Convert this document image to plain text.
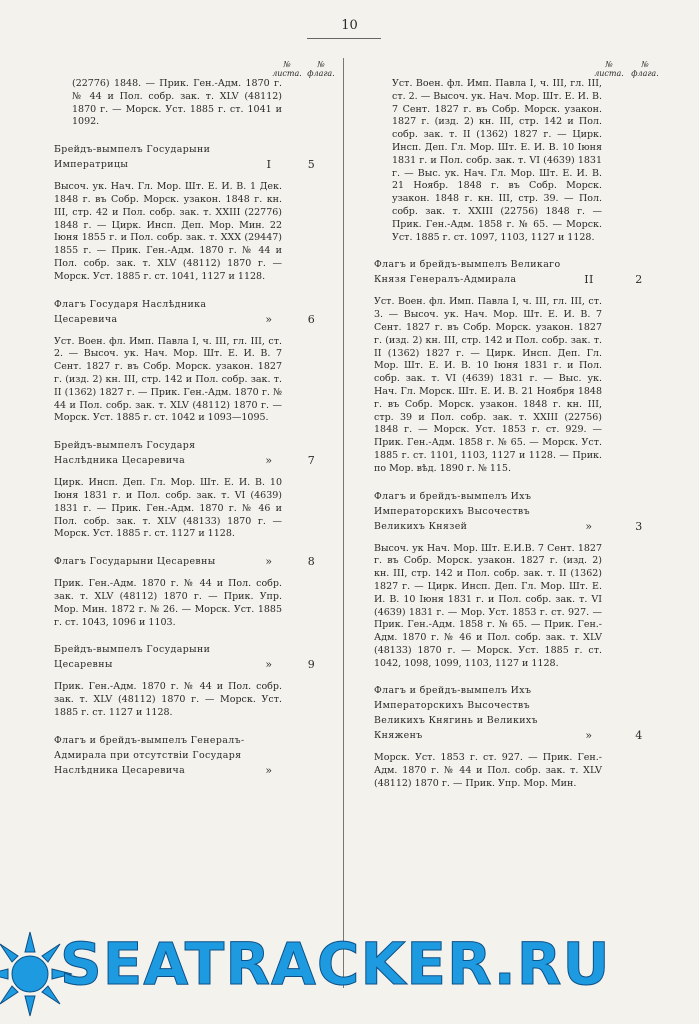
10
№ листа.
№ флага.
№ листа.
№ флага.
(22776) 1848. — Прик. Ген.-Адм. 1870 г. № 44 и Пол. собр. зак. т. XLV (48112) 1870 г. — Морск. Уст. 1885 г. ст. 1041 и 1092.
Брейдъ-вымпелъ Государыни Императрицы	I	5
Высоч. ук. Нач. Гл. Мор. Шт. Е. И. В. 1 Дек. 1848 г. въ Собр. Морск. узакон. 1848 г. кн. III, стр. 42 и Пол. собр. зак. т. XXIII (22776) 1848 г. — Цирк. Инсп. Деп. Мор. Мин. 22 Іюня 1855 г. и Пол. собр. зак. т. XXX (29447) 1855 г. — Прик. Ген.-Адм. 1870 г. № 44 и Пол. собр. зак. т. XLV (48112) 1870 г. — Морск. Уст. 1885 г. ст. 1041, 1127 и 1128.
Флагъ Государя Наслѣдника Цесаревича	»	6
Уст. Воен. фл. Имп. Павла I, ч. III, гл. III, ст. 2. — Высоч. ук. Нач. Мор. Шт. Е. И. В. 7 Сент. 1827 г. въ Собр. Морск. узакон. 1827 г. (изд. 2) кн. III, стр. 142 и Пол. собр. зак. т. II (1362) 1827 г. — Прик. Ген.-Адм. 1870 г. № 44 и Пол. собр. зак. т. XLV (48112) 1870 г. — Морск. Уст. 1885 г. ст. 1042 и 1093—1095.
Брейдъ-вымпелъ Государя Наслѣдника Цесаревича	»	7
Цирк. Инсп. Деп. Гл. Мор. Шт. Е. И. В. 10 Іюня 1831 г. и Пол. собр. зак. т. VI (4639) 1831 г. — Прик. Ген.-Адм. 1870 г. № 46 и Пол. собр. зак. т. XLV (48133) 1870 г. — Морск. Уст. 1885 г. ст. 1127 и 1128.
Флагъ Государыни Цесаревны	»	8
Прик. Ген.-Адм. 1870 г. № 44 и Пол. собр. зак. т. XLV (48112) 1870 г. — Прик. Упр. Мор. Мин. 1872 г. № 26. — Морск. Уст. 1885 г. ст. 1043, 1096 и 1103.
Брейдъ-вымпелъ Государыни Цесаревны	»	9
Прик. Ген.-Адм. 1870 г. № 44 и Пол. собр. зак. т. XLV (48112) 1870 г. — Морск. Уст. 1885 г. ст. 1127 и 1128.
Флагъ и брейдъ-вымпелъ Генералъ-Адмирала при отсутствіи Государя Наслѣдника Цесаревича	»
Уст. Воен. фл. Имп. Павла I, ч. III, гл. III, ст. 2. — Высоч. ук. Нач. Мор. Шт. Е. И. В. 7 Сент. 1827 г. въ Собр. Морск. узакон. 1827 г. (изд. 2) кн. III, стр. 142 и Пол. собр. зак. т. II (1362) 1827 г. — Цирк. Инсп. Деп. Гл. Мор. Шт. Е. И. В. 10 Іюня 1831 г. и Пол. собр. зак. т. VI (4639) 1831 г. — Выс. ук. Нач. Гл. Мор. Шт. Е. И. В. 21 Ноябр. 1848 г. въ Собр. Морск. узакон. 1848 г. кн. III, стр. 39. — Пол. собр. зак. т. XXIII (22756) 1848 г. — Прик. Ген.-Адм. 1858 г. № 65. — Морск. Уст. 1885 г. ст. 1097, 1103, 1127 и 1128.
Флагъ и брейдъ-вымпелъ Великаго Князя Генералъ-Адмирала	II	2
Уст. Воен. фл. Имп. Павла I, ч. III, гл. III, ст. 3. — Высоч. ук. Нач. Мор. Шт. Е. И. В. 7 Сент. 1827 г. въ Собр. Морск. узакон. 1827 г. (изд. 2) кн. III, стр. 142 и Пол. собр. зак. т. II (1362) 1827 г. — Цирк. Инсп. Деп. Гл. Мор. Шт. Е. И. В. 10 Іюня 1831 г. и Пол. собр. зак. т. VI (4639) 1831 г. — Выс. ук. Нач. Гл. Морск. Шт. Е. И. В. 21 Ноября 1848 г. въ Собр. Морск. узакон. 1848 г. кн. III, стр. 39 и Пол. собр. зак. т. XXIII (22756) 1848 г. — Морск. Уст. 1853 г. ст. 929. — Прик. Ген.-Адм. 1858 г. № 65. — Морск. Уст. 1885 г. ст. 1101, 1103, 1127 и 1128. — Прик. по Мор. вѣд. 1890 г. № 115.
Флагъ и брейдъ-вымпелъ Ихъ Императорскихъ Высочествъ Великихъ Князей	»	3
Высоч. ук Нач. Мор. Шт. Е.И.В. 7 Сент. 1827 г. въ Собр. Морск. узакон. 1827 г. (изд. 2) кн. III, стр. 142 и Пол. собр. зак. т. II (1362) 1827 г. — Цирк. Инсп. Деп. Гл. Мор. Шт. Е. И. В. 10 Іюня 1831 г. и Пол. собр. зак. т. VI (4639) 1831 г. — Мор. Уст. 1853 г. ст. 927. — Прик. Ген.-Адм. 1858 г. № 65. — Прик. Ген.-Адм. 1870 г. № 46 и Пол. собр. зак. т. XLV (48133) 1870 г. — Морск. Уст. 1885 г. ст. 1042, 1098, 1099, 1103, 1127 и 1128.
Флагъ и брейдъ-вымпелъ Ихъ Императорскихъ Высочествъ Великихъ Княгинь и Великихъ Княженъ	»	4
Морск. Уст. 1853 г. ст. 927. — Прик. Ген.-Адм. 1870 г. № 44 и Пол. собр. зак. т. XLV (48112) 1870 г. — Прик. Упр. Мор. Мин.
SEATRACKER.RU
